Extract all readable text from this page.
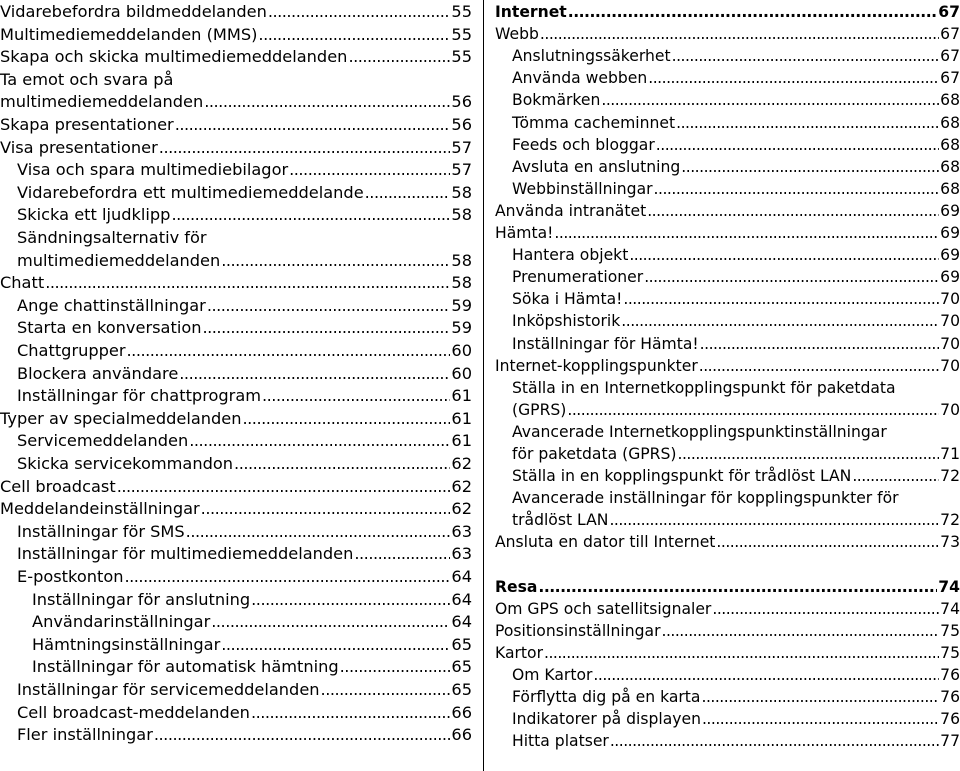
Vidarebefordra bildmeddelanden .....	55
Multimediemeddelanden (MMS) .....	55
Skapa och skicka multimediemeddelanden .....	55
Ta emot och svara på
multimediemeddelanden .....	56
Skapa presentationer .....	56
Visa presentationer .....	57
Visa och spara multimediebilagor .....	57
Vidarebefordra ett multimediemeddelande .....	58
Skicka ett ljudklipp .....	58
Sändningsalternativ för
multimediemeddelanden .....	58
Chatt .....	58
Ange chattinställningar .....	59
Starta en konversation .....	59
Chattgrupper .....	60
Blockera användare .....	60
Inställningar för chattprogram .....	61
Typer av specialmeddelanden .....	61
Servicemeddelanden .....	61
Skicka servicekommandon .....	62
Cell broadcast .....	62
Meddelandeinställningar .....	62
Inställningar för SMS .....	63
Inställningar för multimediemeddelanden .....	63
E-postkonton .....	64
Inställningar för anslutning .....	64
Användarinställningar .....	64
Hämtningsinställningar .....	65
Inställningar för automatisk hämtning .....	65
Inställningar för servicemeddelanden .....	65
Cell broadcast-meddelanden .....	66
Fler inställningar .....	66
Internet .....	67
Webb .....	67
Anslutningssäkerhet .....	67
Använda webben .....	67
Bokmärken .....	68
Tömma cacheminnet .....	68
Feeds och bloggar .....	68
Avsluta en anslutning .....	68
Webbinställningar .....	68
Använda intranätet .....	69
Hämta! .....	69
Hantera objekt .....	69
Prenumerationer .....	69
Söka i Hämta! .....	70
Inköpshistorik .....	70
Inställningar för Hämta! .....	70
Internet-kopplingspunkter .....	70
Ställa in en Internetkopplingspunkt för paketdata
(GPRS) .....	70
Avancerade Internetkopplingspunktinställningar
för paketdata (GPRS) .....	71
Ställa in en kopplingspunkt för trådlöst LAN .....	72
Avancerade inställningar för kopplingspunkter för
trådlöst LAN .....	72
Ansluta en dator till Internet .....	73
Resa .....	74
Om GPS och satellitsignaler .....	74
Positionsinställningar .....	75
Kartor .....	75
Om Kartor .....	76
Förflytta dig på en karta .....	76
Indikatorer på displayen .....	76
Hitta platser .....	77
